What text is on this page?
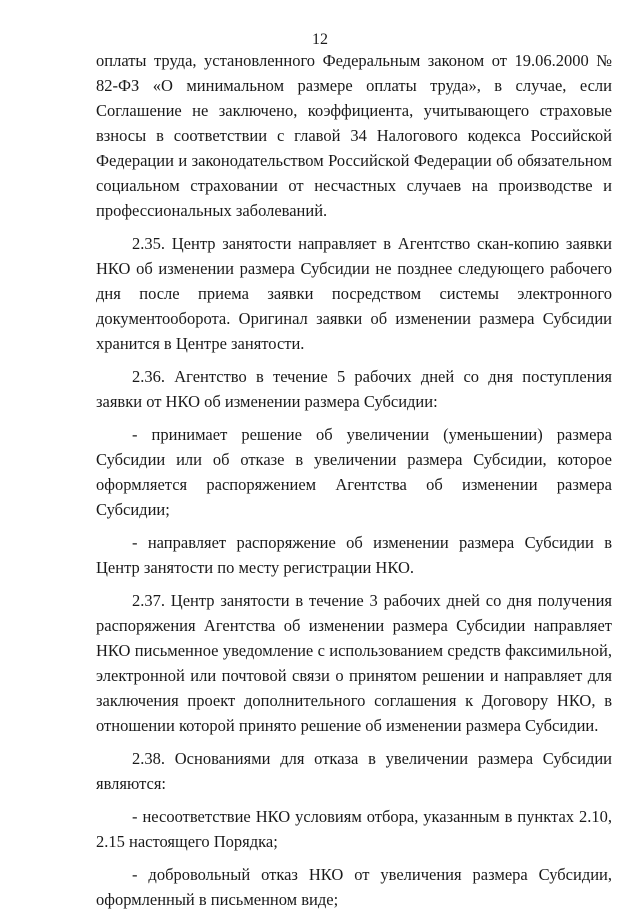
12

оплаты труда, установленного Федеральным законом от 19.06.2000 № 82-ФЗ «О минимальном размере оплаты труда», в случае, если Соглашение не заключено, коэффициента, учитывающего страховые взносы в соответствии с главой 34 Налогового кодекса Российской Федерации и законодательством Российской Федерации об обязательном социальном страховании от несчастных случаев на производстве и профессиональных заболеваний.

2.35. Центр занятости направляет в Агентство скан-копию заявки НКО об изменении размера Субсидии не позднее следующего рабочего дня после приема заявки посредством системы электронного документооборота. Оригинал заявки об изменении размера Субсидии хранится в Центре занятости.

2.36. Агентство в течение 5 рабочих дней со дня поступления заявки от НКО об изменении размера Субсидии:

- принимает решение об увеличении (уменьшении) размера Субсидии или об отказе в увеличении размера Субсидии, которое оформляется распоряжением Агентства об изменении размера Субсидии;

- направляет распоряжение об изменении размера Субсидии в Центр занятости по месту регистрации НКО.

2.37. Центр занятости в течение 3 рабочих дней со дня получения распоряжения Агентства об изменении размера Субсидии направляет НКО письменное уведомление с использованием средств факсимильной, электронной или почтовой связи о принятом решении и направляет для заключения проект дополнительного соглашения к Договору НКО, в отношении которой принято решение об изменении размера Субсидии.

2.38. Основаниями для отказа в увеличении размера Субсидии являются:

- несоответствие НКО условиям отбора, указанным в пунктах 2.10, 2.15 настоящего Порядка;

- добровольный отказ НКО от увеличения размера Субсидии, оформленный в письменном виде;
